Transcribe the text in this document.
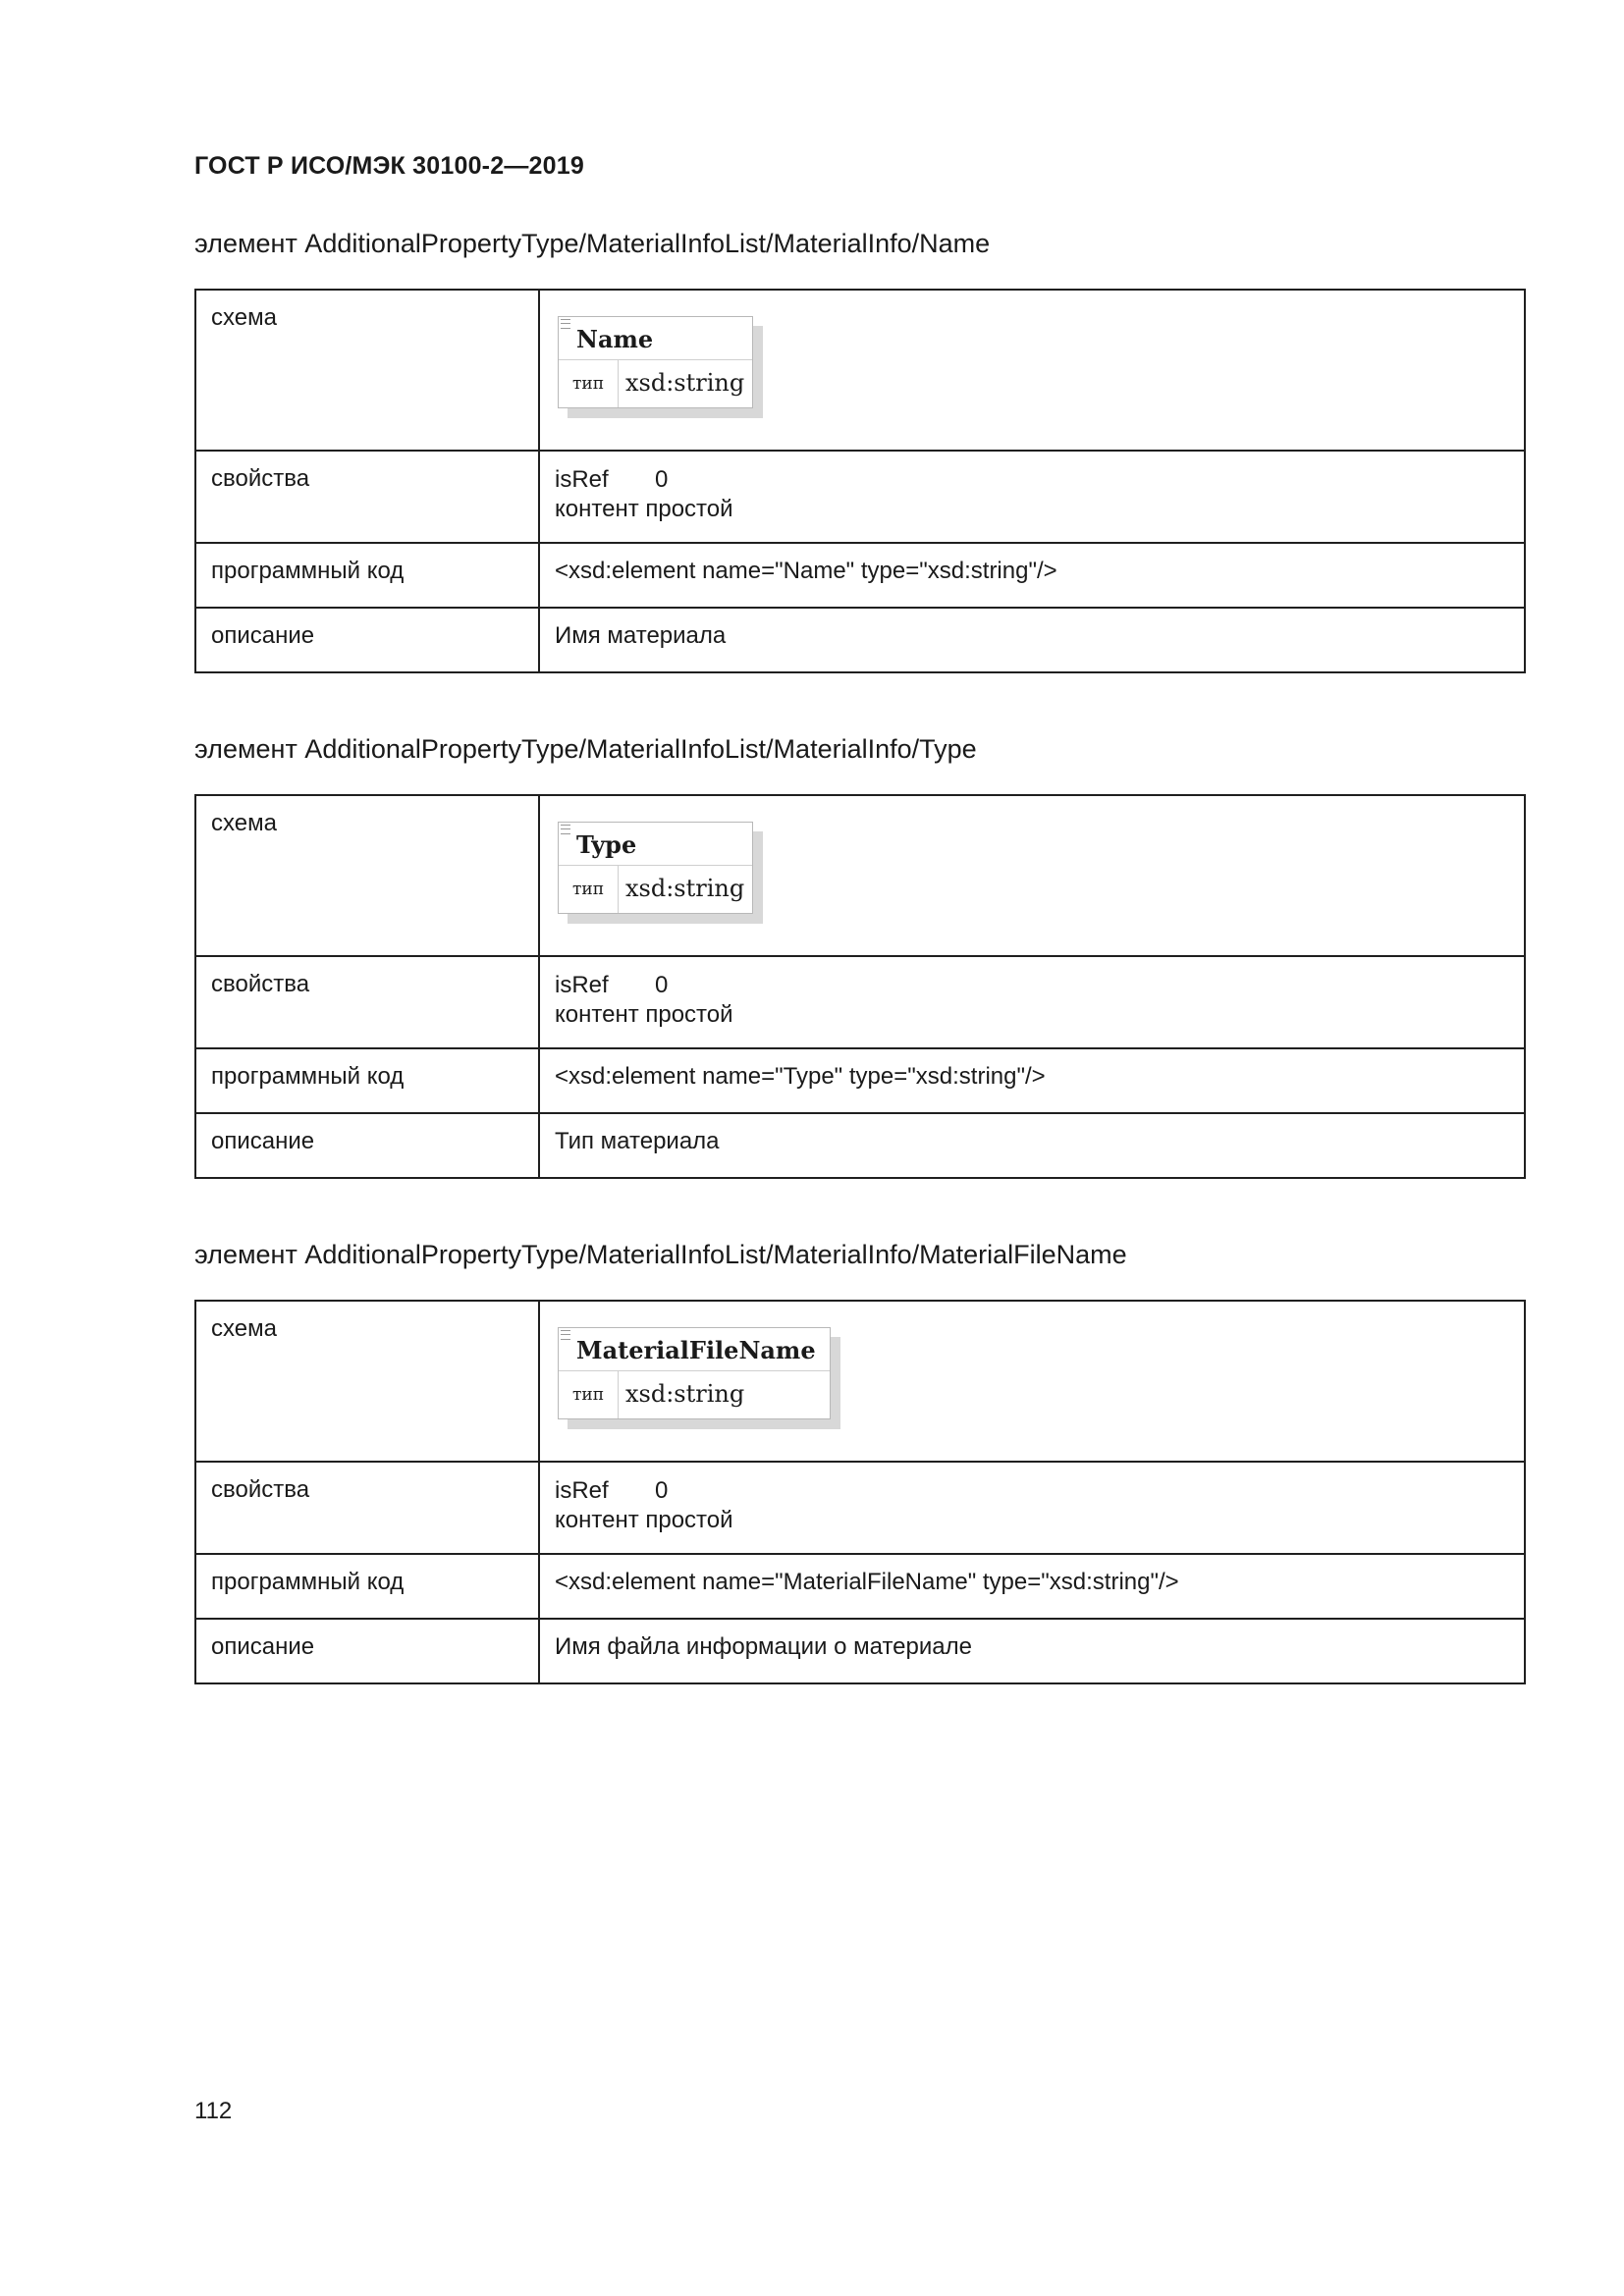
ГОСТ Р ИСО/МЭК 30100-2—2019
элемент AdditionalPropertyType/MaterialInfoList/MaterialInfo/Name
схема	Name
тип xsd:string

свойства	isRef 0
контент простой

программный код	<xsd:element name="Name" type="xsd:string"/>
описание	Имя материала
элемент AdditionalPropertyType/MaterialInfoList/MaterialInfo/Type
схема	Type
тип xsd:string

свойства	isRef 0
контент простой

программный код	<xsd:element name="Type" type="xsd:string"/>
описание	Тип материала
элемент AdditionalPropertyType/MaterialInfoList/MaterialInfo/MaterialFileName
схема	MaterialFileName
тип xsd:string

свойства	isRef 0
контент простой

программный код	<xsd:element name="MaterialFileName" type="xsd:string"/>
описание	Имя файла информации о материале
112
